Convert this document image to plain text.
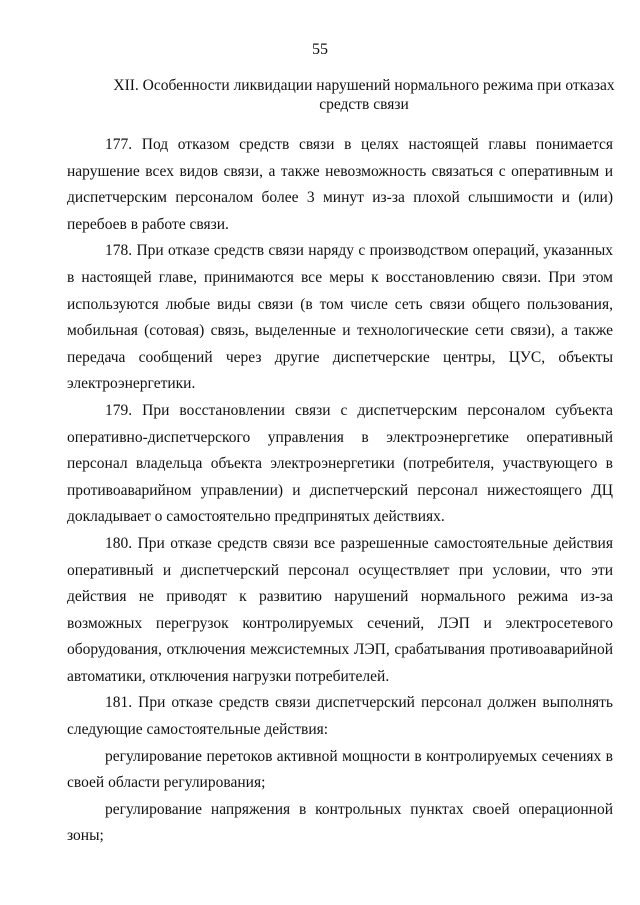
55
XII. Особенности ликвидации нарушений нормального режима при отказах
средств связи

177. Под отказом средств связи в целях настоящей главы понимается нарушение всех видов связи, а также невозможность связаться с оперативным и диспетчерским персоналом более 3 минут из-за плохой слышимости и (или) перебоев в работе связи.

178. При отказе средств связи наряду с производством операций, указанных в настоящей главе, принимаются все меры к восстановлению связи. При этом используются любые виды связи (в том числе сеть связи общего пользования, мобильная (сотовая) связь, выделенные и технологические сети связи), а также передача сообщений через другие диспетчерские центры, ЦУС, объекты электроэнергетики.

179. При восстановлении связи с диспетчерским персоналом субъекта оперативно-диспетчерского управления в электроэнергетике оперативный персонал владельца объекта электроэнергетики (потребителя, участвующего в противоаварийном управлении) и диспетчерский персонал нижестоящего ДЦ докладывает о самостоятельно предпринятых действиях.

180. При отказе средств связи все разрешенные самостоятельные действия оперативный и диспетчерский персонал осуществляет при условии, что эти действия не приводят к развитию нарушений нормального режима из-за возможных перегрузок контролируемых сечений, ЛЭП и электросетевого оборудования, отключения межсистемных ЛЭП, срабатывания противоаварийной автоматики, отключения нагрузки потребителей.

181. При отказе средств связи диспетчерский персонал должен выполнять следующие самостоятельные действия:

регулирование перетоков активной мощности в контролируемых сечениях в своей области регулирования;

регулирование напряжения в контрольных пунктах своей операционной зоны;
